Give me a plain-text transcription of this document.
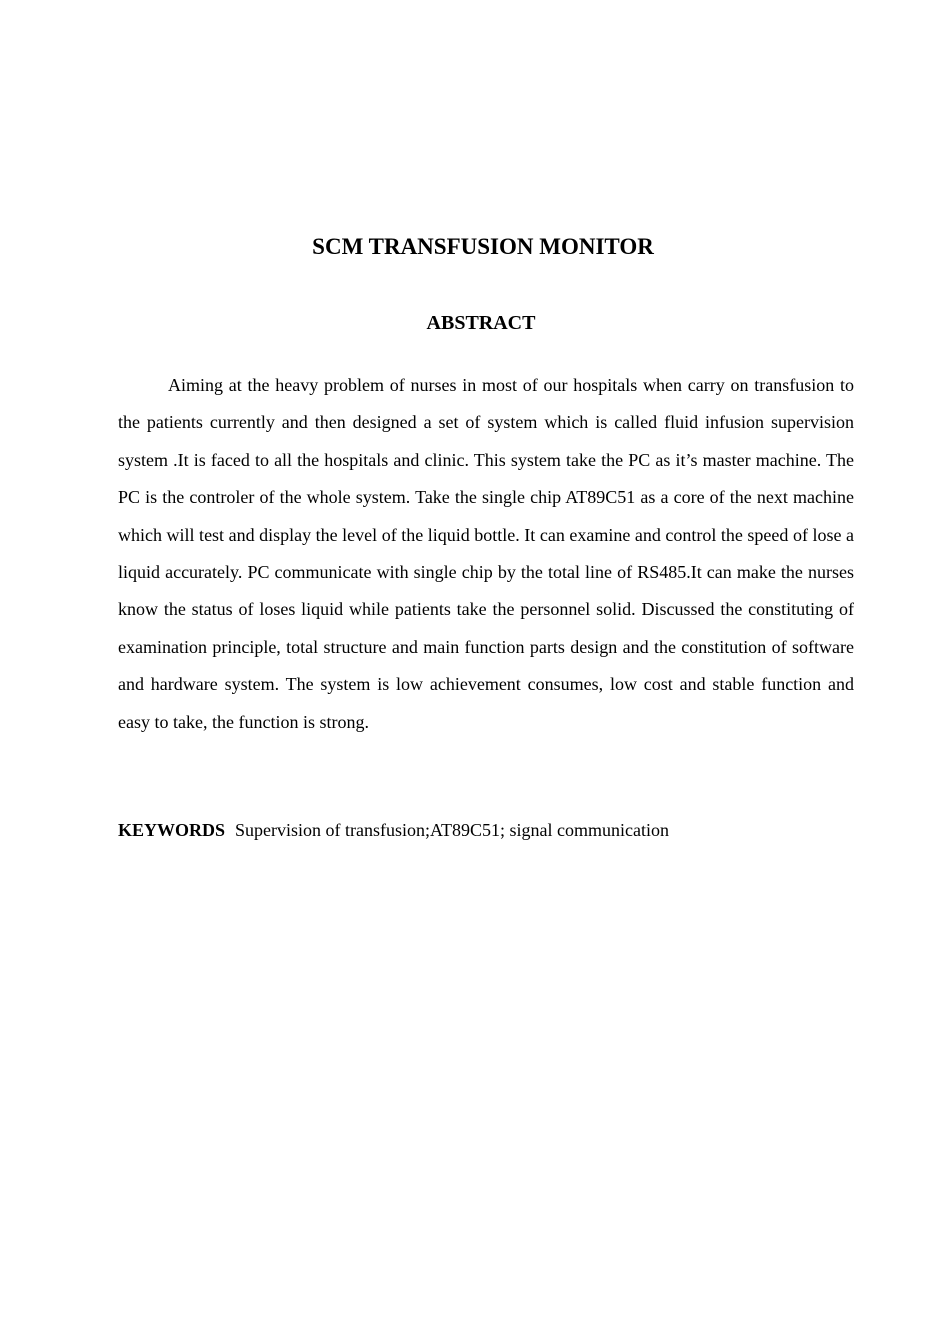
SCM TRANSFUSION MONITOR
ABSTRACT

Aiming at the heavy problem of nurses in most of our hospitals when carry on transfusion to the patients currently and then designed a set of system which is called fluid infusion supervision system .It is faced to all the hospitals and clinic. This system take the PC as it’s master machine. The PC is the controler of the whole system. Take the single chip AT89C51 as a core of the next machine which will test and display the level of the liquid bottle. It can examine and control the speed of lose a liquid accurately. PC communicate with single chip by the total line of RS485.It can make the nurses know the status of loses liquid while patients take the personnel solid. Discussed the constituting of examination principle, total structure and main function parts design and the constitution of software and hardware system. The system is low achievement consumes, low cost and stable function and easy to take, the function is strong.

KEYWORDS Supervision of transfusion;AT89C51; signal communication
